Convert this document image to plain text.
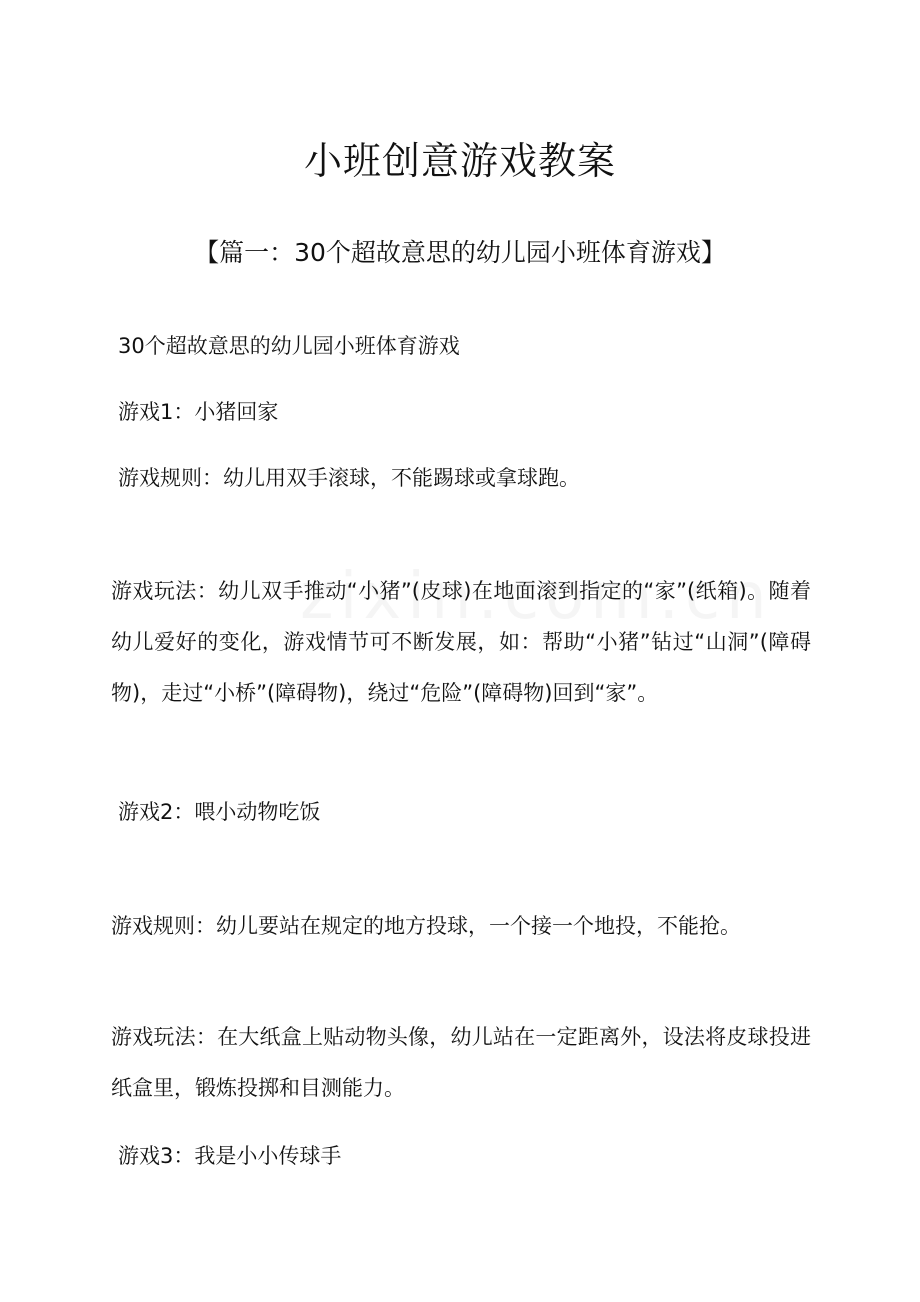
小班创意游戏教案
【篇一：30个超故意思的幼儿园小班体育游戏】
30个超故意思的幼儿园小班体育游戏
游戏1：小猪回家
游戏规则：幼儿用双手滚球，不能踢球或拿球跑。
游戏玩法：幼儿双手推动“小猪”(皮球)在地面滚到指定的“家”(纸箱)。随着幼儿爱好的变化，游戏情节可不断发展，如：帮助“小猪”钻过“山洞”(障碍物)，走过“小桥”(障碍物)，绕过“危险”(障碍物)回到“家”。
游戏2：喂小动物吃饭
游戏规则：幼儿要站在规定的地方投球，一个接一个地投，不能抢。
游戏玩法：在大纸盒上贴动物头像，幼儿站在一定距离外，设法将皮球投进纸盒里，锻炼投掷和目测能力。
游戏3：我是小小传球手
